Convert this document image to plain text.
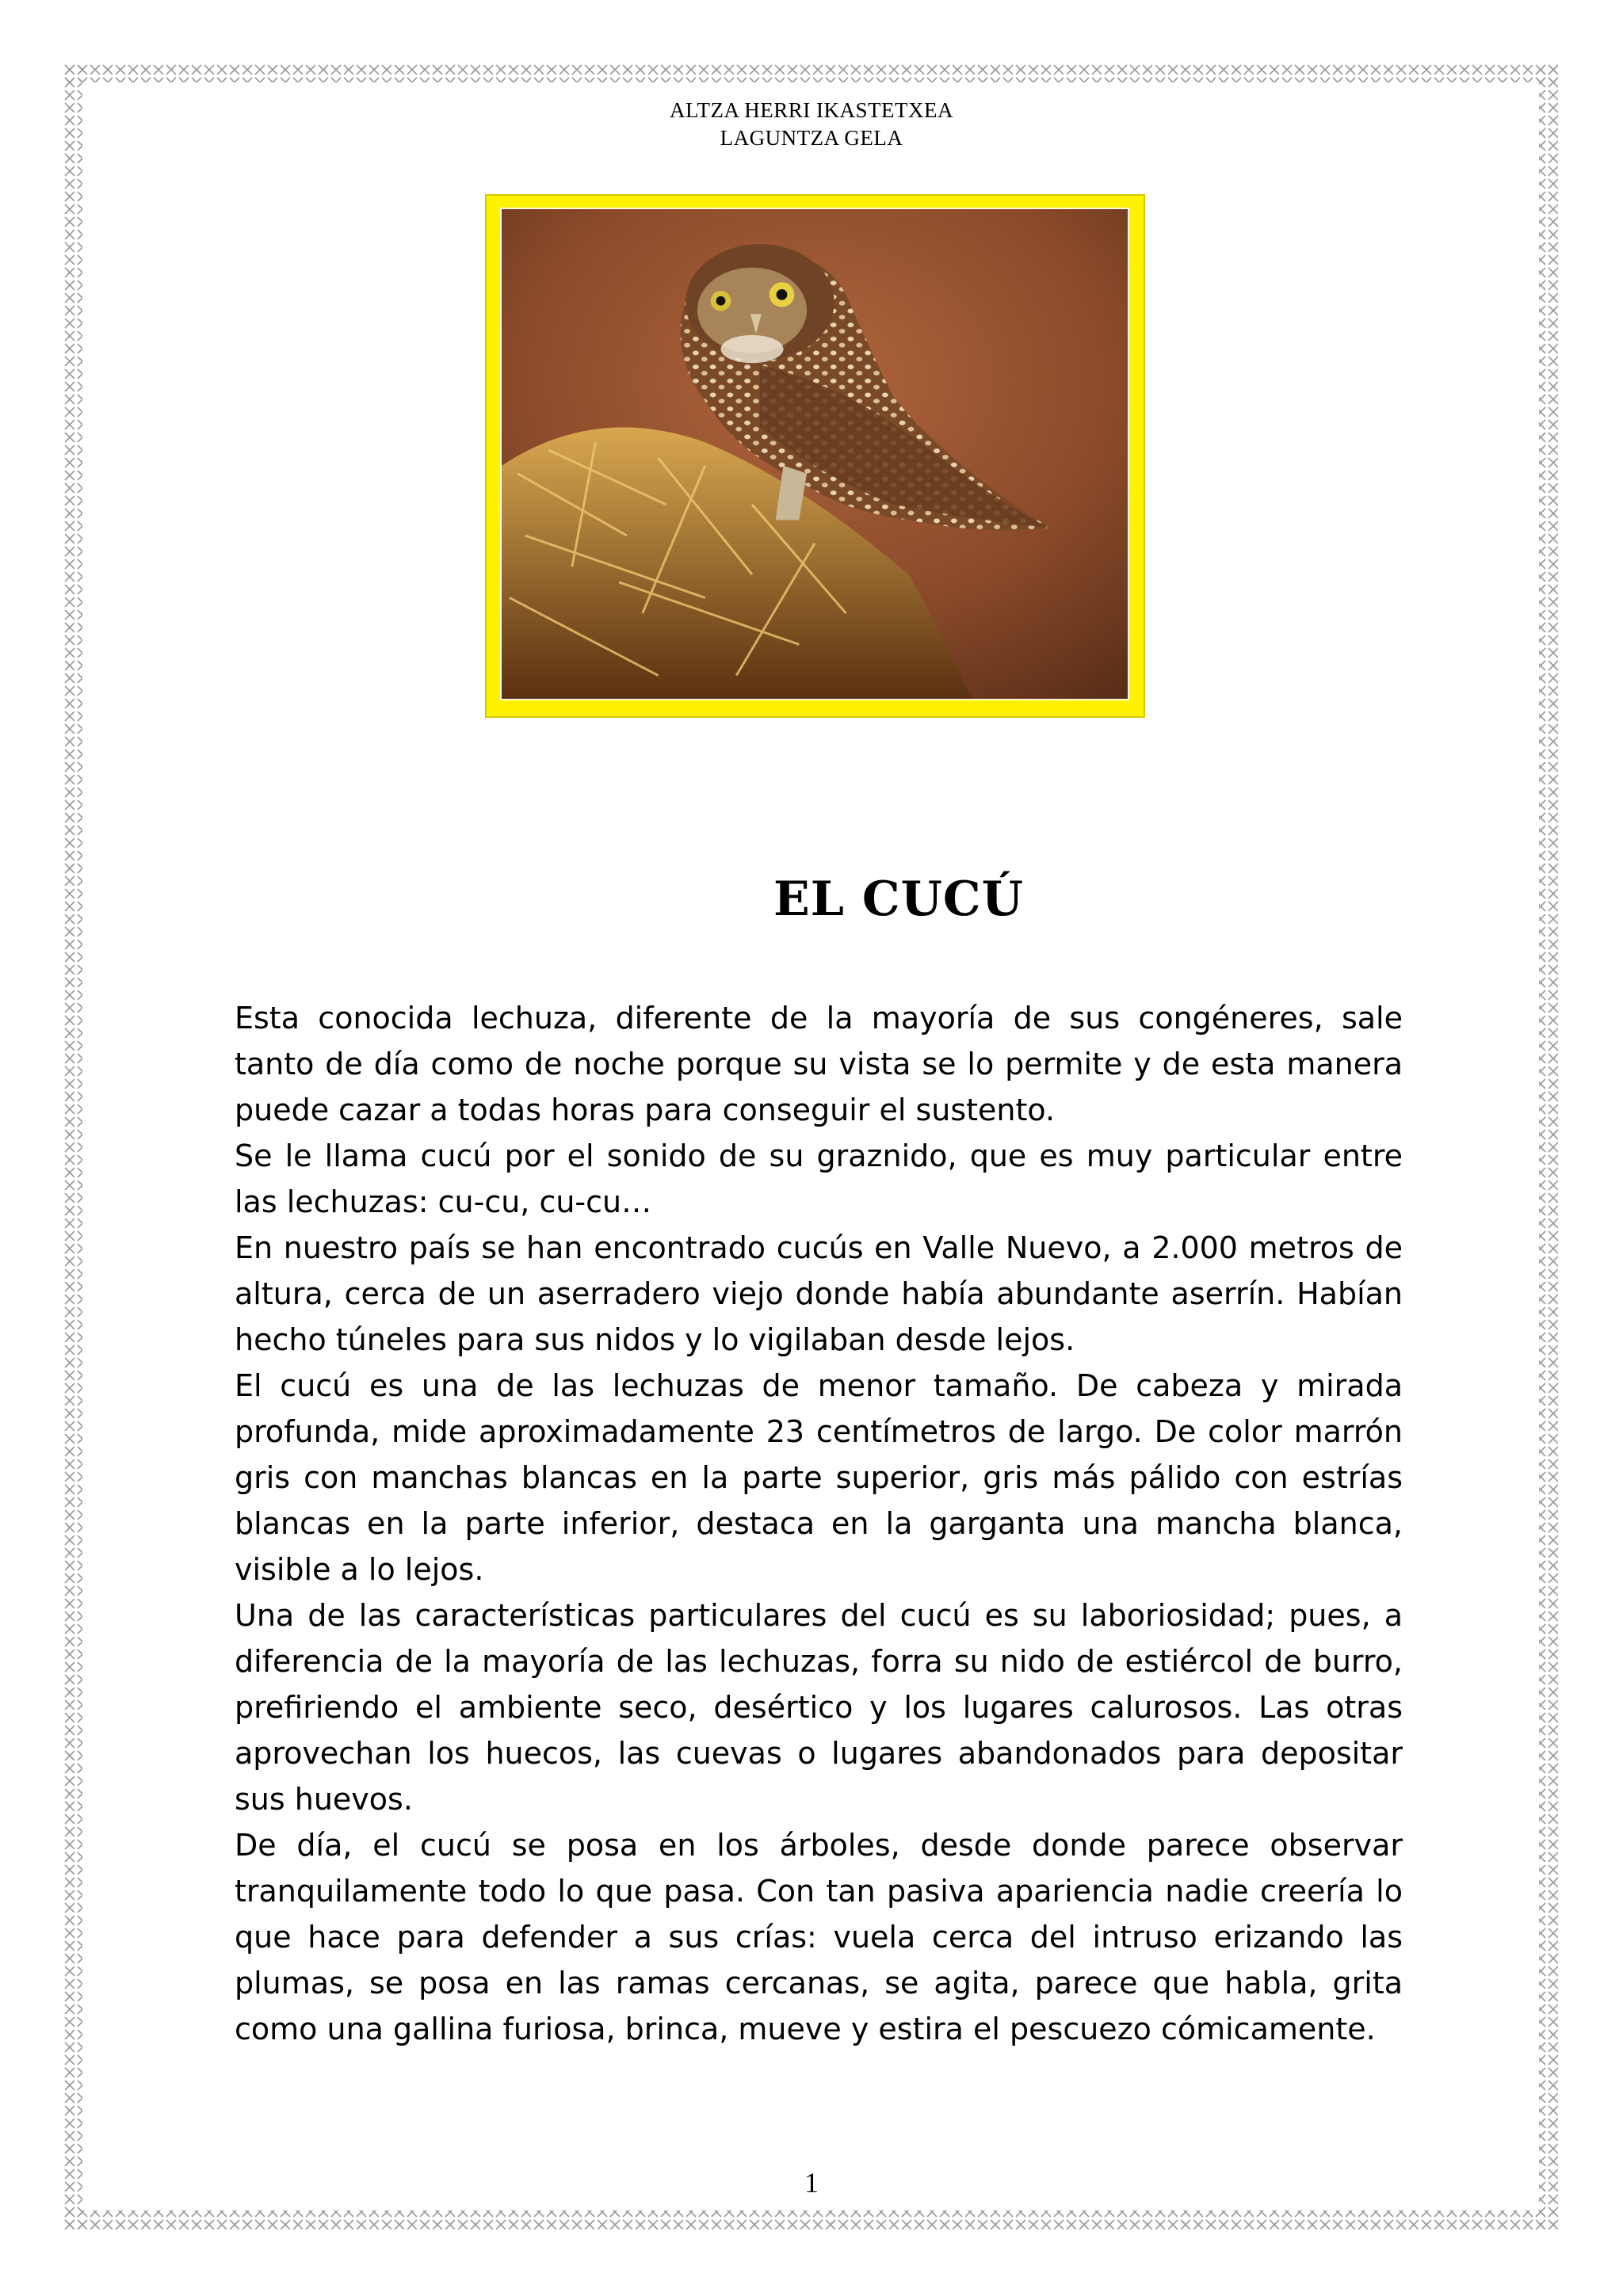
ALTZA HERRI IKASTETXEA
LAGUNTZA GELA
EL CUCÚ

Esta conocida lechuza, diferente de la mayoría de sus congéneres, sale tanto de día como de noche porque su vista se lo permite y de esta manera puede cazar a todas horas para conseguir el sustento.

Se le llama cucú por el sonido de su graznido, que es muy particular entre las lechuzas: cu-cu, cu-cu…

En nuestro país se han encontrado cucús en Valle Nuevo, a 2.000 metros de altura, cerca de un aserradero viejo donde había abundante aserrín. Habían hecho túneles para sus nidos y lo vigilaban desde lejos.

El cucú es una de las lechuzas de menor tamaño. De cabeza y mirada profunda, mide aproximadamente 23 centímetros de largo. De color marrón gris con manchas blancas en la parte superior, gris más pálido con estrías blancas en la parte inferior, destaca en la garganta una mancha blanca, visible a lo lejos.

Una de las características particulares del cucú es su laboriosidad; pues, a diferencia de la mayoría de las lechuzas, forra su nido de estiércol de burro, prefiriendo el ambiente seco, desértico y los lugares calurosos. Las otras aprovechan los huecos, las cuevas o lugares abandonados para depositar sus huevos.

De día, el cucú se posa en los árboles, desde donde parece observar tranquilamente todo lo que pasa. Con tan pasiva apariencia nadie creería lo que hace para defender a sus crías: vuela cerca del intruso erizando las plumas, se posa en las ramas cercanas, se agita, parece que habla, grita como una gallina furiosa, brinca, mueve y estira el pescuezo cómicamente.

1
